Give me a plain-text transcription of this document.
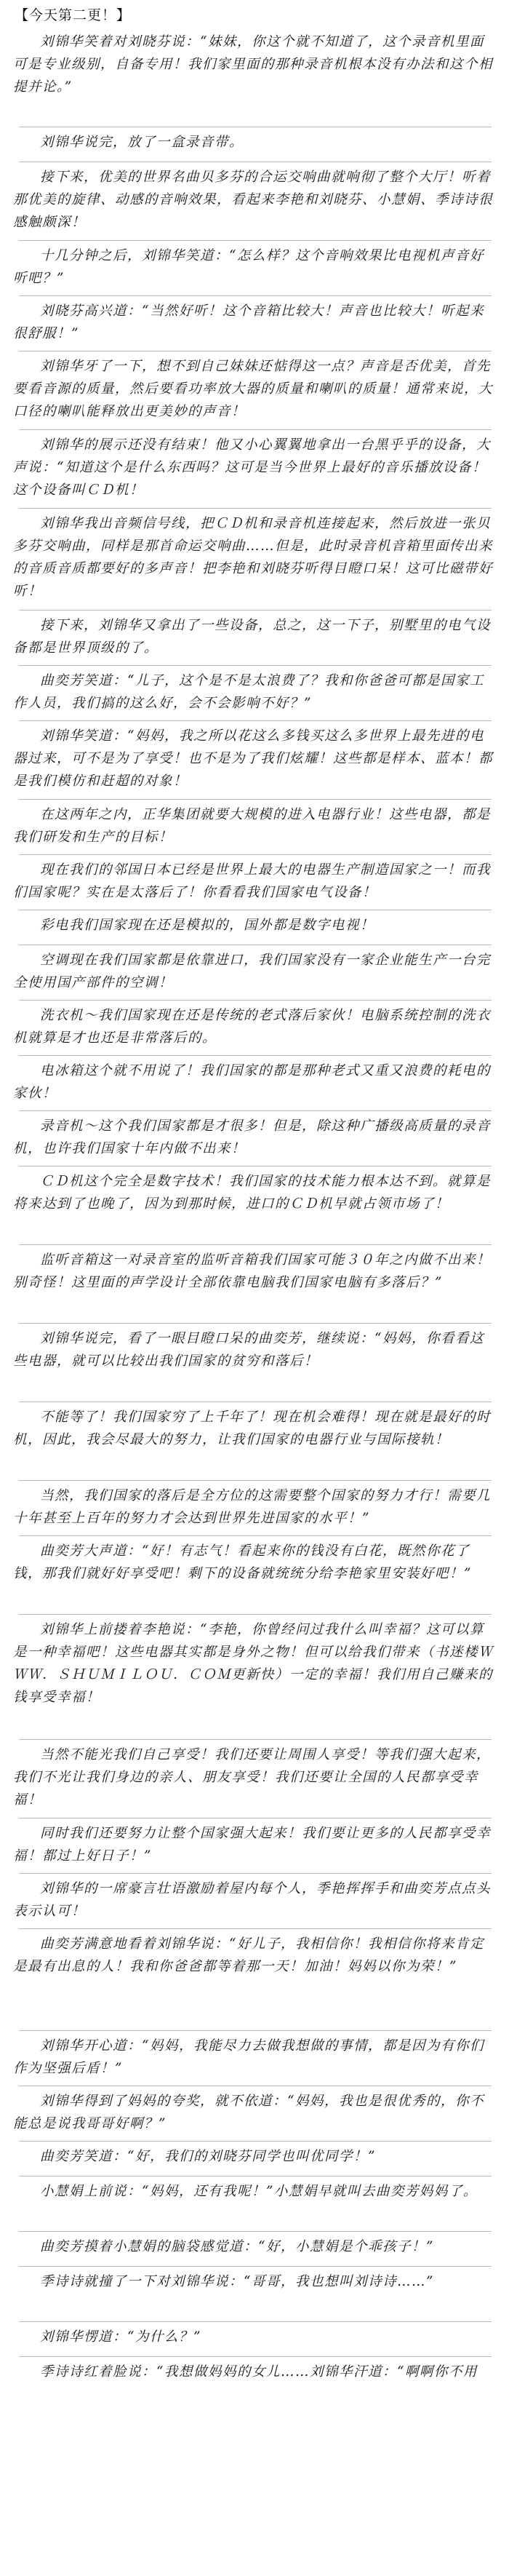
【今天第二更！】
刘锦华笑着对刘晓芬说：“妹妹，你这个就不知道了，这个录音机里面可是专业级别，自备专用！我们家里面的那种录音机根本没有办法和这个相提并论。”
刘锦华说完，放了一盒录音带。
接下来，优美的世界名曲贝多芬的合运交响曲就响彻了整个大厅！听着那优美的旋律、动感的音响效果，看起来李艳和刘晓芬、小慧娟、季诗诗很感触颇深！
十几分钟之后，刘锦华笑道：“怎么样？这个音响效果比电视机声音好听吧？”
刘晓芬高兴道：“当然好听！这个音箱比较大！声音也比较大！听起来很舒服！”
刘锦华牙了一下，想不到自己妹妹还惦得这一点？声音是否优美，首先要看音源的质量，然后要看功率放大器的质量和喇叭的质量！通常来说，大口径的喇叭能释放出更美妙的声音！
刘锦华的展示还没有结束！他又小心翼翼地拿出一台黑乎乎的设备，大声说：“知道这个是什么东西吗？这可是当今世界上最好的音乐播放设备！这个设备叫ＣＤ机！
刘锦华我出音频信号线，把ＣＤ机和录音机连接起来，然后放进一张贝多芬交响曲，同样是那首命运交响曲……但是，此时录音机音箱里面传出来的音质音质都要好的多声音！把李艳和刘晓芬听得目瞪口呆！这可比磁带好听！
接下来，刘锦华又拿出了一些设备，总之，这一下子，别墅里的电气设备都是世界顶级的了。
曲奕芳笑道：“儿子，这个是不是太浪费了？我和你爸爸可都是国家工作人员，我们搞的这么好，会不会影响不好？”
刘锦华笑道：“妈妈，我之所以花这么多钱买这么多世界上最先进的电器过来，可不是为了享受！也不是为了我们炫耀！这些都是样本、蓝本！都是我们模仿和赶超的对象！
在这两年之内，正华集团就要大规模的进入电器行业！这些电器，都是我们研发和生产的目标！
现在我们的邻国日本已经是世界上最大的电器生产制造国家之一！而我们国家呢？实在是太落后了！你看看我们国家电气设备！
彩电我们国家现在还是模拟的，国外都是数字电视！
空调现在我们国家都是依靠进口，我们国家没有一家企业能生产一台完全使用国产部件的空调！
洗衣机～我们国家现在还是传统的老式落后家伙！电脑系统控制的洗衣机就算是才也还是非常落后的。
电冰箱这个就不用说了！我们国家的都是那种老式又重又浪费的耗电的家伙！
录音机～这个我们国家都是才很多！但是，除这种广播级高质量的录音机，也许我们国家十年内做不出来！
ＣＤ机这个完全是数字技术！我们国家的技术能力根本达不到。就算是将来达到了也晚了，因为到那时候，进口的ＣＤ机早就占领市场了！
监听音箱这一对录音室的监听音箱我们国家可能３０年之内做不出来！别奇怪！这里面的声学设计全部依靠电脑我们国家电脑有多落后？”
刘锦华说完，看了一眼目瞪口呆的曲奕芳，继续说：“妈妈，你看看这些电器，就可以比较出我们国家的贫穷和落后！
不能等了！我们国家穷了上千年了！现在机会难得！现在就是最好的时机，因此，我会尽最大的努力，让我们国家的电器行业与国际接轨！
当然，我们国家的落后是全方位的这需要整个国家的努力才行！需要几十年甚至上百年的努力才会达到世界先进国家的水平！”
曲奕芳大声道：“好！有志气！看起来你的钱没有白花，既然你花了钱，那我们就好好享受吧！剩下的设备就统统分给李艳家里安装好吧！”
刘锦华上前搂着李艳说：“李艳，你曾经问过我什么叫幸福？这可以算是一种幸福吧！这些电器其实都是身外之物！但可以给我们带来（书迷楼ＷＷＷ．ＳＨＵＭＩＬＯＵ．ＣＯＭ更新快）一定的幸福！我们用自己赚来的钱享受幸福！
当然不能光我们自己享受！我们还要让周围人享受！等我们强大起来，我们不光让我们身边的亲人、朋友享受！我们还要让全国的人民都享受幸福！
同时我们还要努力让整个国家强大起来！我们要让更多的人民都享受幸福！都过上好日子！”
刘锦华的一席豪言壮语激励着屋内每个人，季艳挥挥手和曲奕芳点点头表示认可！
曲奕芳满意地看着刘锦华说：“好儿子，我相信你！我相信你将来肯定是最有出息的人！我和你爸爸都等着那一天！加油！妈妈以你为荣！”
刘锦华开心道：“妈妈，我能尽力去做我想做的事情，都是因为有你们作为坚强后盾！”
刘锦华得到了妈妈的夸奖，就不依道：“妈妈，我也是很优秀的，你不能总是说我哥哥好啊？”
曲奕芳笑道：“好，我们的刘晓芬同学也叫优同学！”
小慧娟上前说：“妈妈，还有我呢！”小慧娟早就叫去曲奕芳妈妈了。
曲奕芳摸着小慧娟的脑袋感觉道：“好，小慧娟是个乖孩子！”
季诗诗就撞了一下对刘锦华说：“哥哥，我也想叫刘诗诗……”
刘锦华愣道：“为什么？”
季诗诗红着脸说：“我想做妈妈的女儿……刘锦华汗道：“啊啊你不用
